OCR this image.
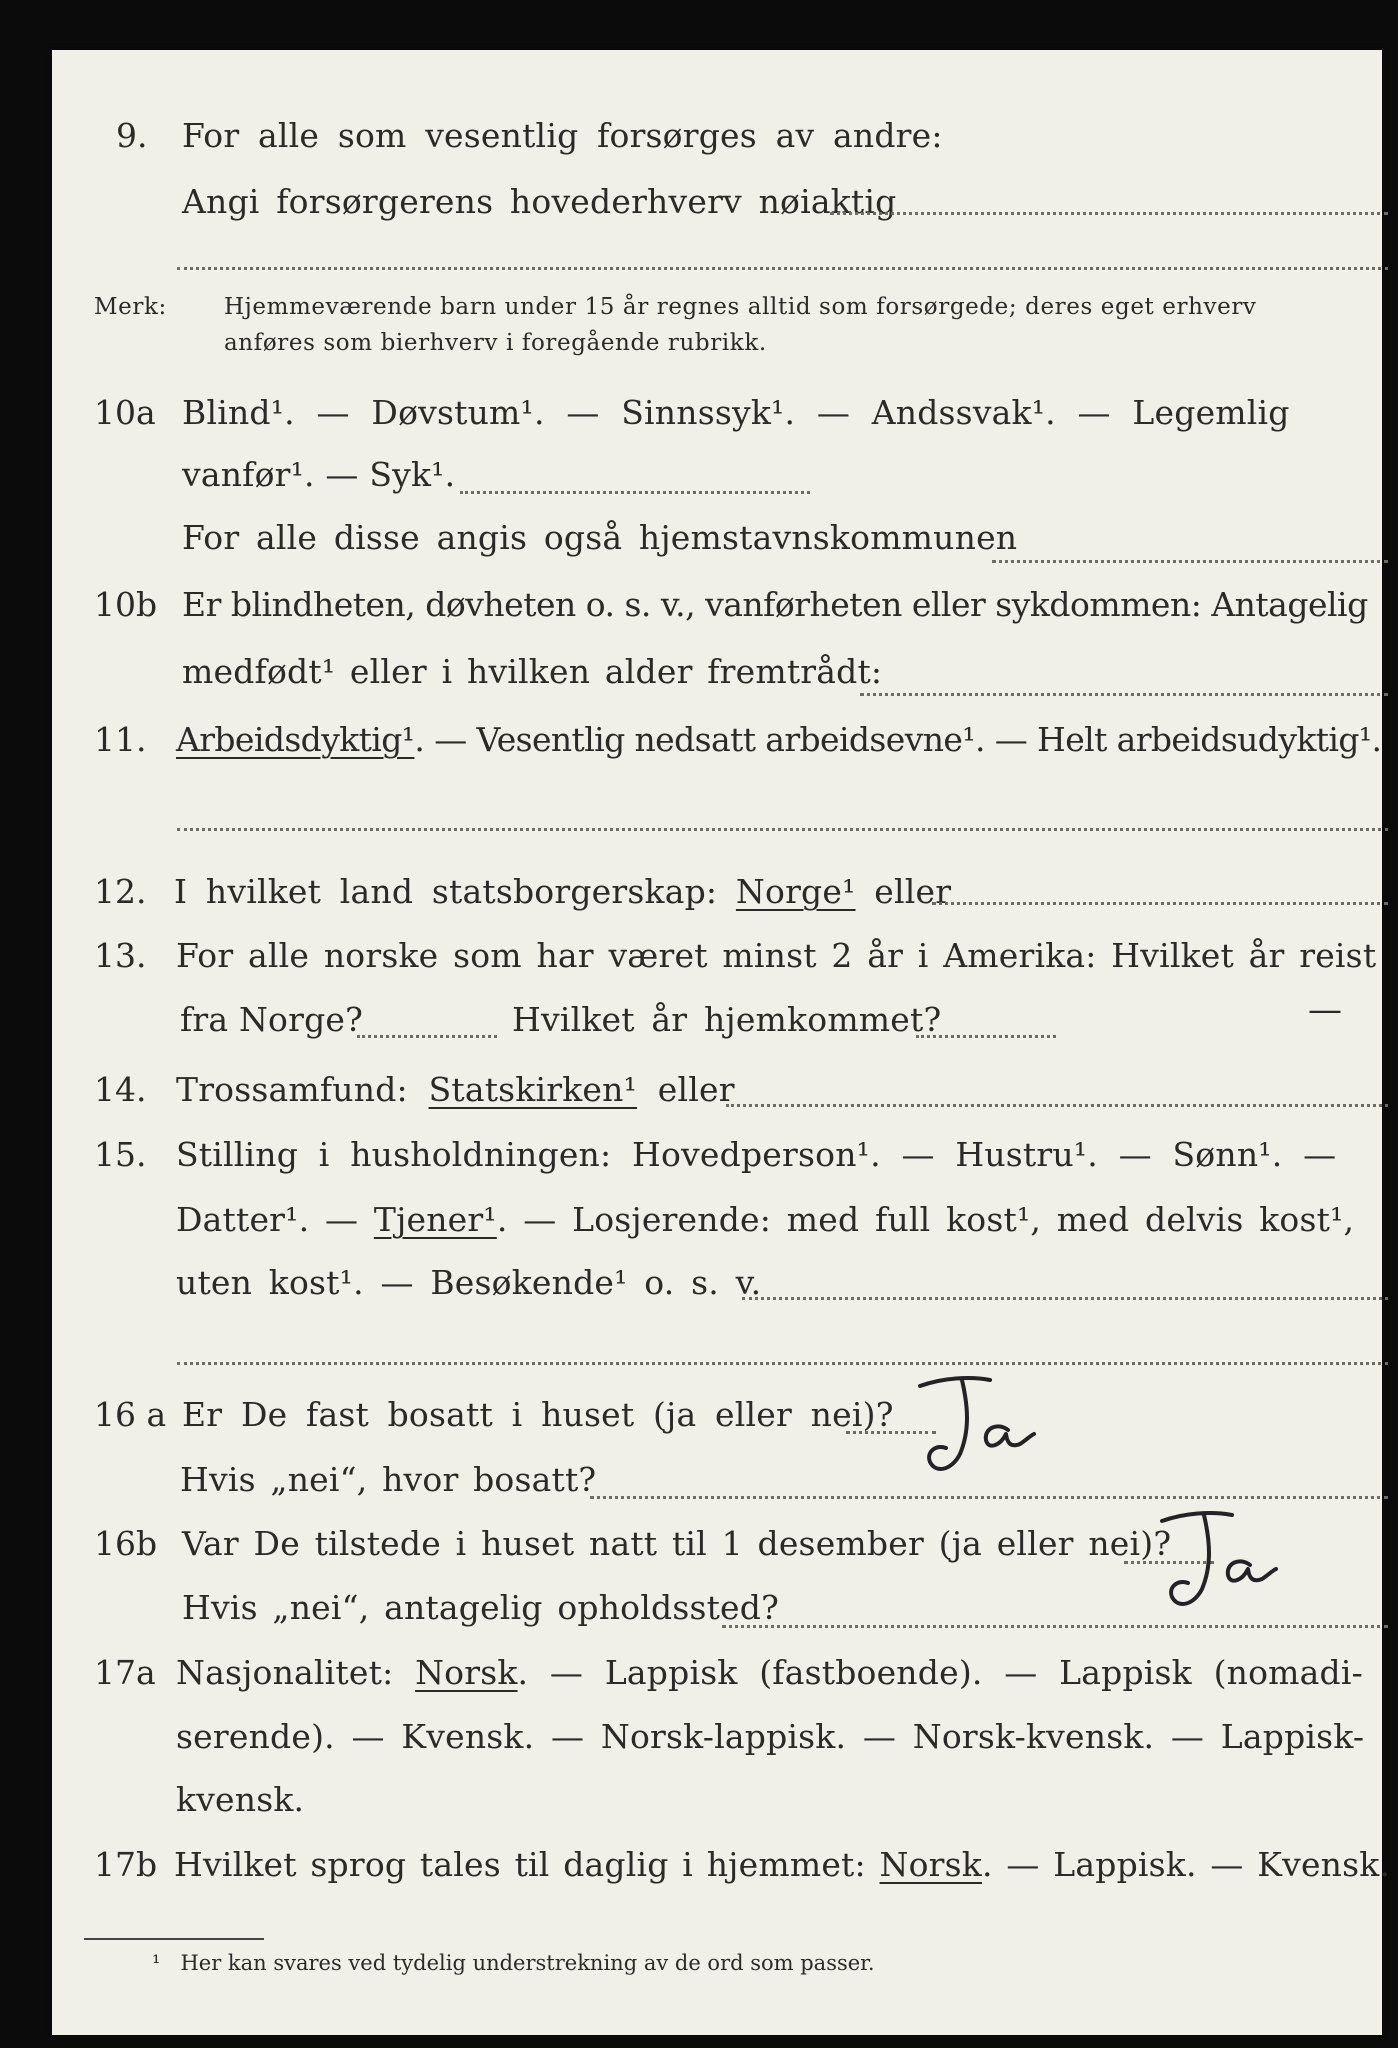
9. For alle som vesentlig forsørges av andre:
Angi forsørgerens hovederhverv nøiaktig
Merk: Hjemmeværende barn under 15 år regnes alltid som forsørgede; deres eget erhverv
anføres som bierhverv i foregående rubrikk.
10a Blind¹. — Døvstum¹. — Sinnssyk¹. — Andssvak¹. — Legemlig
vanfør¹. — Syk¹.
For alle disse angis også hjemstavnskommunen
10b Er blindheten, døvheten o. s. v., vanførheten eller sykdommen: Antagelig
medfødt¹ eller i hvilken alder fremtrådt:
11. Arbeidsdyktig¹. — Vesentlig nedsatt arbeidsevne¹. — Helt arbeidsudyktig¹.
12. I hvilket land statsborgerskap: Norge¹ eller
13. For alle norske som har været minst 2 år i Amerika: Hvilket år reist
fra Norge?	Hvilket år hjemkommet?	—
14. Trossamfund: Statskirken¹ eller
15. Stilling i husholdningen: Hovedperson¹. — Hustru¹. — Sønn¹. —
Datter¹. — Tjener¹. — Losjerende: med full kost¹, med delvis kost¹,
uten kost¹. — Besøkende¹ o. s. v.
16 a Er De fast bosatt i huset (ja eller nei)?
Hvis „nei“, hvor bosatt?
16b Var De tilstede i huset natt til 1 desember (ja eller nei)?
Hvis „nei“, antagelig opholdssted?
17a Nasjonalitet: Norsk. — Lappisk (fastboende). — Lappisk (nomadi-
serende). — Kvensk. — Norsk-lappisk. — Norsk-kvensk. — Lappisk-
kvensk.
17b Hvilket sprog tales til daglig i hjemmet: Norsk. — Lappisk. — Kvensk.
¹ Her kan svares ved tydelig understrekning av de ord som passer.
